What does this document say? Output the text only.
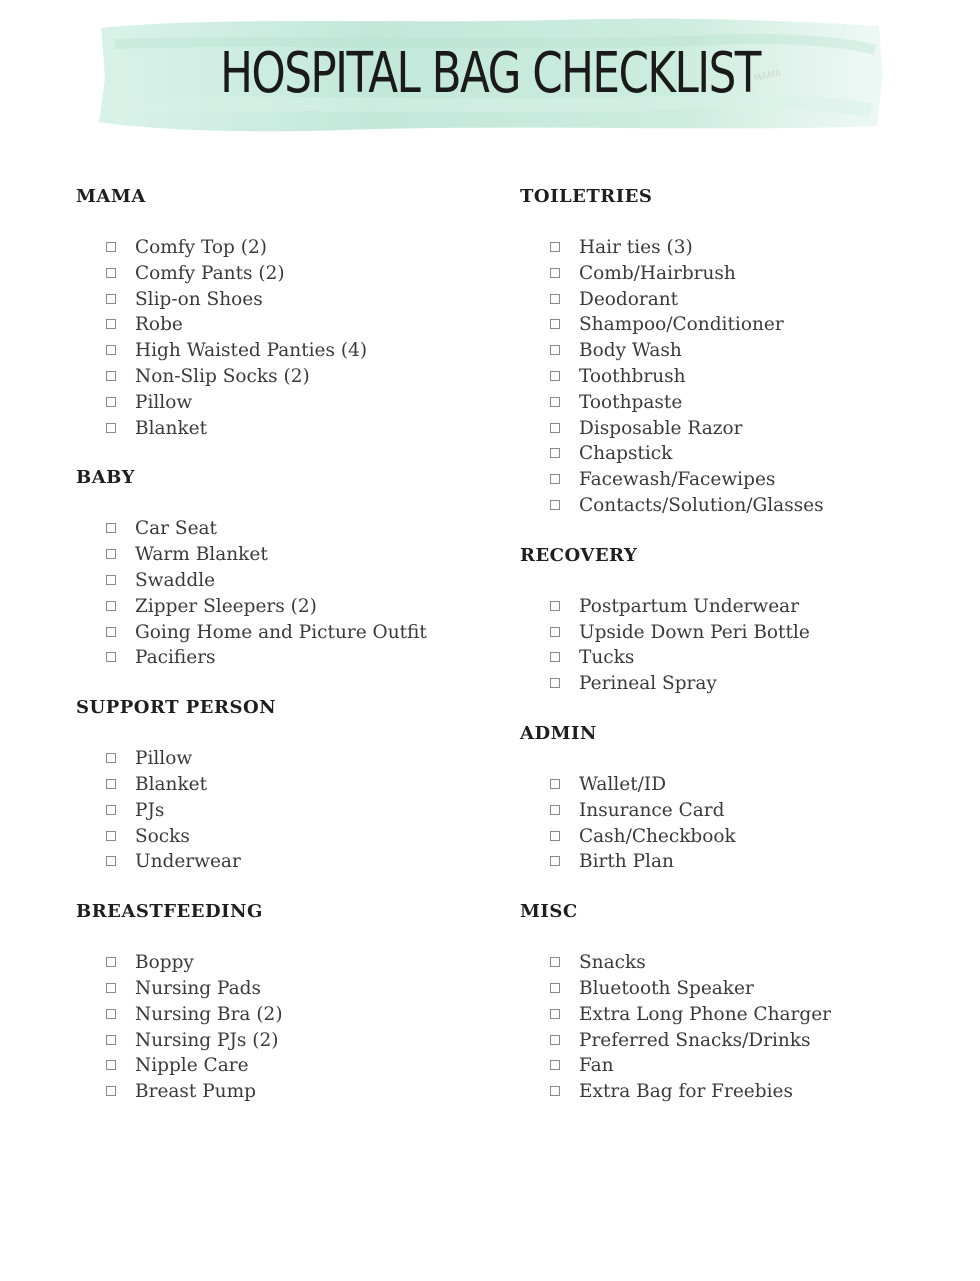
HOSPITAL BAG CHECKLIST
MAMA
MAMA
Comfy Top (2)
Comfy Pants (2)
Slip-on Shoes
Robe
High Waisted Panties (4)
Non-Slip Socks (2)
Pillow
Blanket
BABY
Car Seat
Warm Blanket
Swaddle
Zipper Sleepers (2)
Going Home and Picture Outfit
Pacifiers
SUPPORT PERSON
Pillow
Blanket
PJs
Socks
Underwear
BREASTFEEDING
Boppy
Nursing Pads
Nursing Bra (2)
Nursing PJs (2)
Nipple Care
Breast Pump
TOILETRIES
Hair ties (3)
Comb/Hairbrush
Deodorant
Shampoo/Conditioner
Body Wash
Toothbrush
Toothpaste
Disposable Razor
Chapstick
Facewash/Facewipes
Contacts/Solution/Glasses
RECOVERY
Postpartum Underwear
Upside Down Peri Bottle
Tucks
Perineal Spray
ADMIN
Wallet/ID
Insurance Card
Cash/Checkbook
Birth Plan
MISC
Snacks
Bluetooth Speaker
Extra Long Phone Charger
Preferred Snacks/Drinks
Fan
Extra Bag for Freebies
